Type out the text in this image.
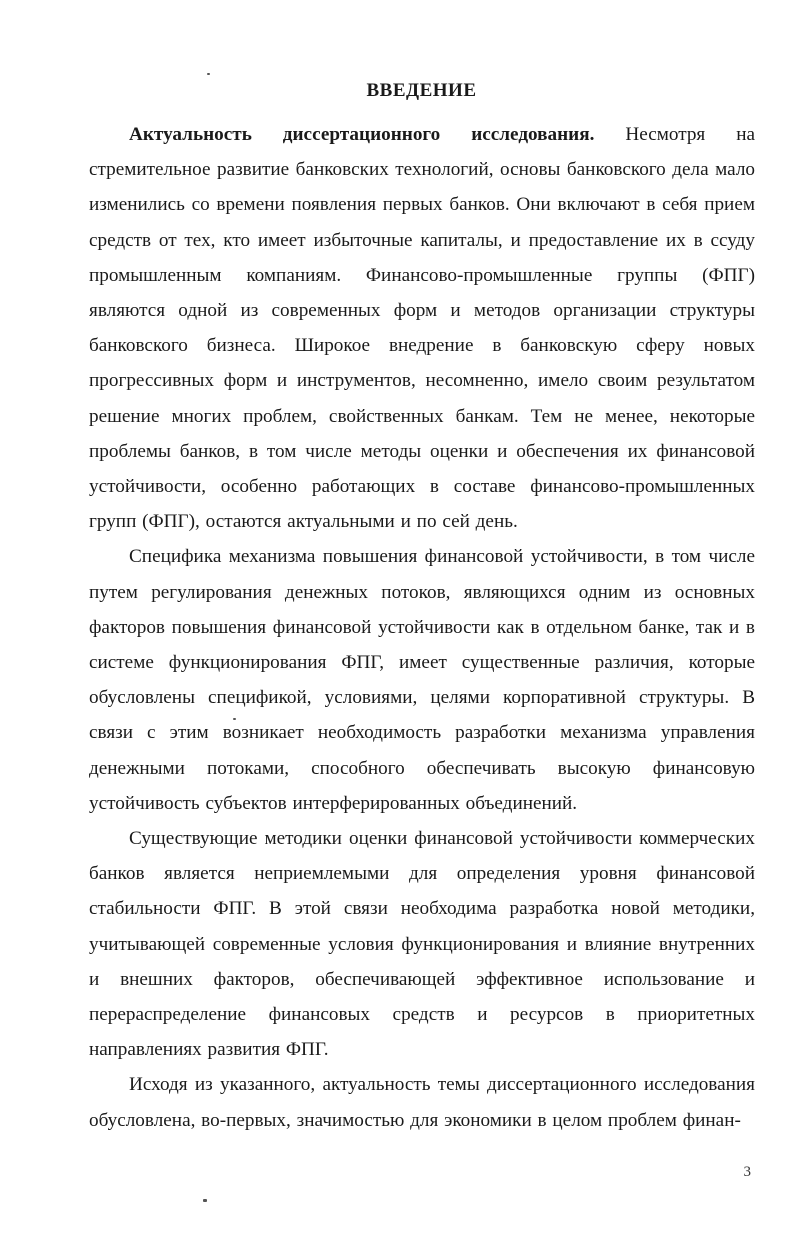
ВВЕДЕНИЕ

Актуальность диссертационного исследования. Несмотря на стремительное развитие банковских технологий, основы банковского дела мало изменились со времени появления первых банков. Они включают в себя прием средств от тех, кто имеет избыточные капиталы, и предоставление их в ссуду промышленным компаниям. Финансово-промышленные группы (ФПГ) являются одной из современных форм и методов организации структуры банковского бизнеса. Широкое внедрение в банковскую сферу новых прогрессивных форм и инструментов, несомненно, имело своим результатом решение многих проблем, свойственных банкам. Тем не менее, некоторые проблемы банков, в том числе методы оценки и обеспечения их финансовой устойчивости, особенно работающих в составе финансово-промышленных групп (ФПГ), остаются актуальными и по сей день.

Специфика механизма повышения финансовой устойчивости, в том числе путем регулирования денежных потоков, являющихся одним из основных факторов повышения финансовой устойчивости как в отдельном банке, так и в системе функционирования ФПГ, имеет существенные различия, которые обусловлены спецификой, условиями, целями корпоративной структуры. В связи с этим возникает необходимость разработки механизма управления денежными потоками, способного обеспечивать высокую финансовую устойчивость субъектов интерферированных объединений.

Существующие методики оценки финансовой устойчивости коммерческих банков является неприемлемыми для определения уровня финансовой стабильности ФПГ. В этой связи необходима разработка новой методики, учитывающей современные условия функционирования и влияние внутренних и внешних факторов, обеспечивающей эффективное использование и перераспределение финансовых средств и ресурсов в приоритетных направлениях развития ФПГ.

Исходя из указанного, актуальность темы диссертационного исследования обусловлена, во-первых, значимостью для экономики в целом проблем финан-

3
